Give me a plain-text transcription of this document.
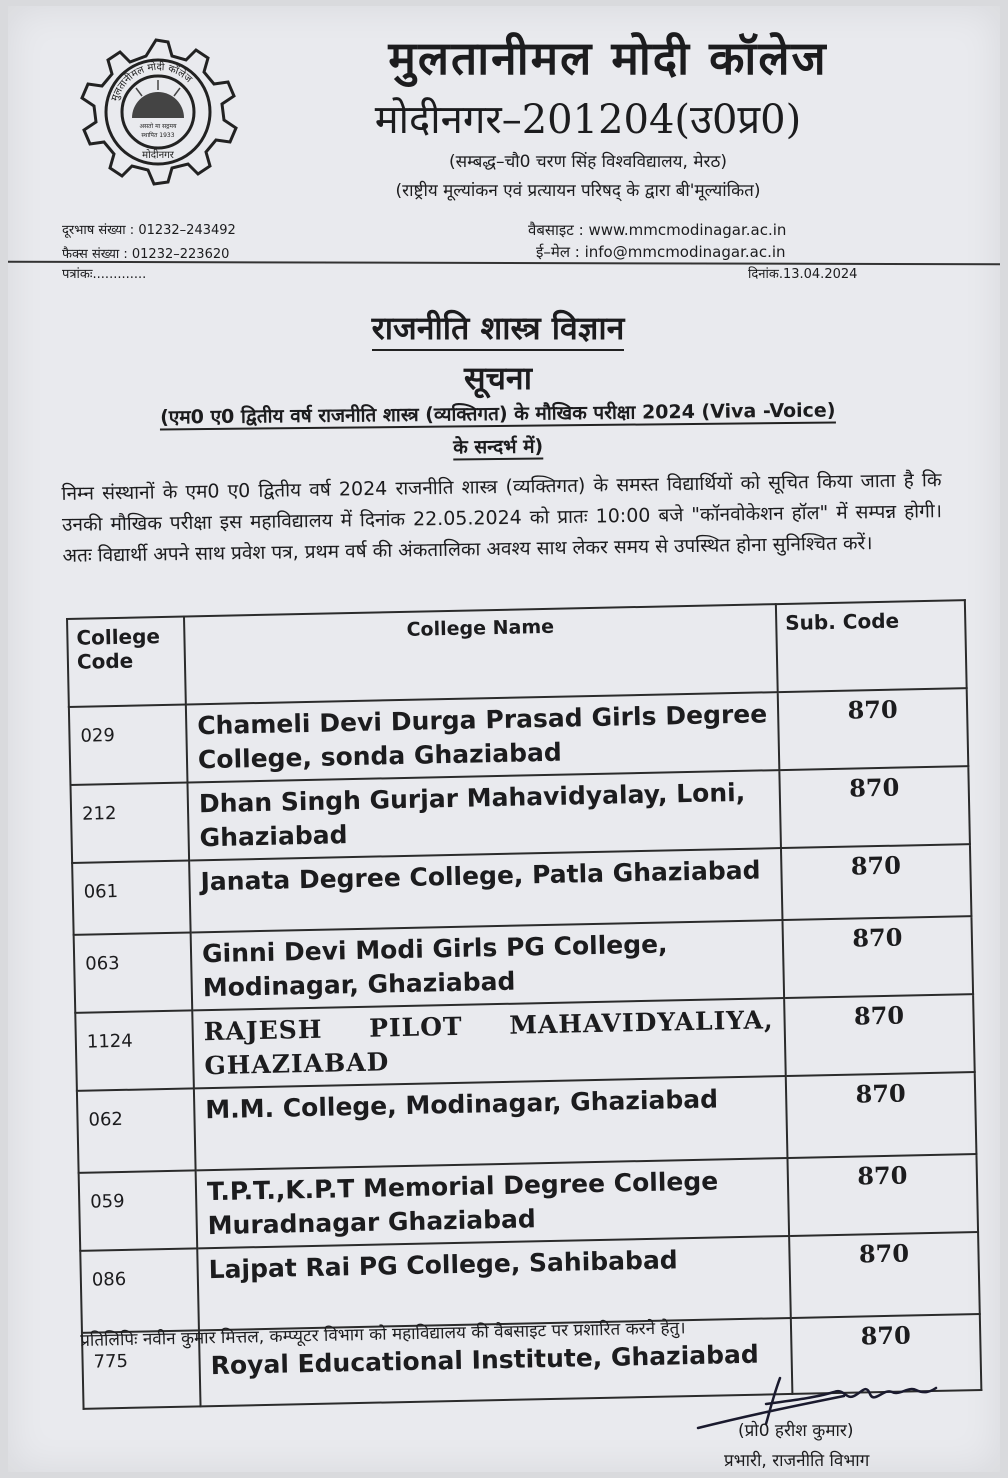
मुलतानीमल मोदी कॉलेज
असतो मा सद्गमय
स्थापित 1933
मोदीनगर
मुलतानीमल मोदी कॉलेज
मोदीनगर–201204(उ0प्र0)
(सम्बद्ध–चौ0 चरण सिंह विश्वविद्यालय, मेरठ)
(राष्ट्रीय मूल्यांकन एवं प्रत्यायन परिषद् के द्वारा बी'मूल्यांकित)
दूरभाष संख्या : 01232–243492
फैक्स संख्या : 01232–223620
वैबसाइट : www.mmcmodinagar.ac.in
ई–मेल : info@mmcmodinagar.ac.in
पत्रांकः.............	दिनांक.13.04.2024
राजनीति शास्त्र विज्ञान
सूचना
(एम0 ए0 द्वितीय वर्ष राजनीति शास्त्र (व्यक्तिगत) के मौखिक परीक्षा 2024 (Viva -Voice)
के सन्दर्भ में)
निम्न संस्थानों के एम0 ए0 द्वितीय वर्ष 2024 राजनीति शास्त्र (व्यक्तिगत) के समस्त विद्यार्थियों को सूचित किया जाता है कि उनकी मौखिक परीक्षा इस महाविद्यालय में दिनांक 22.05.2024 को प्रातः 10:00 बजे "कॉनवोकेशन हॉल" में सम्पन्न होगी। अतः विद्यार्थी अपने साथ प्रवेश पत्र, प्रथम वर्ष की अंकतालिका अवश्य साथ लेकर समय से उपस्थित होना सुनिश्चित करें।
College Code	College Name	Sub. Code
029	Chameli Devi Durga Prasad Girls Degree College, sonda Ghaziabad	870
212	Dhan Singh Gurjar Mahavidyalay, Loni, Ghaziabad	870
061	Janata Degree College, Patla Ghaziabad	870
063	Ginni Devi Modi Girls PG College, Modinagar, Ghaziabad	870
1124	RAJESH PILOT MAHAVIDYALIYA, GHAZIABAD	870
062	M.M. College, Modinagar, Ghaziabad	870
059	T.P.T.,K.P.T Memorial Degree College Muradnagar Ghaziabad	870
086	Lajpat Rai PG College, Sahibabad	870
775	Royal Educational Institute, Ghaziabad	870
प्रतिलिपिः नवीन कुमार मित्तल, कम्प्यूटर विभाग को महाविद्यालय की वैबसाइट पर प्रशारित करने हेतु।
(प्रो0 हरीश कुमार)
प्रभारी, राजनीति विभाग
